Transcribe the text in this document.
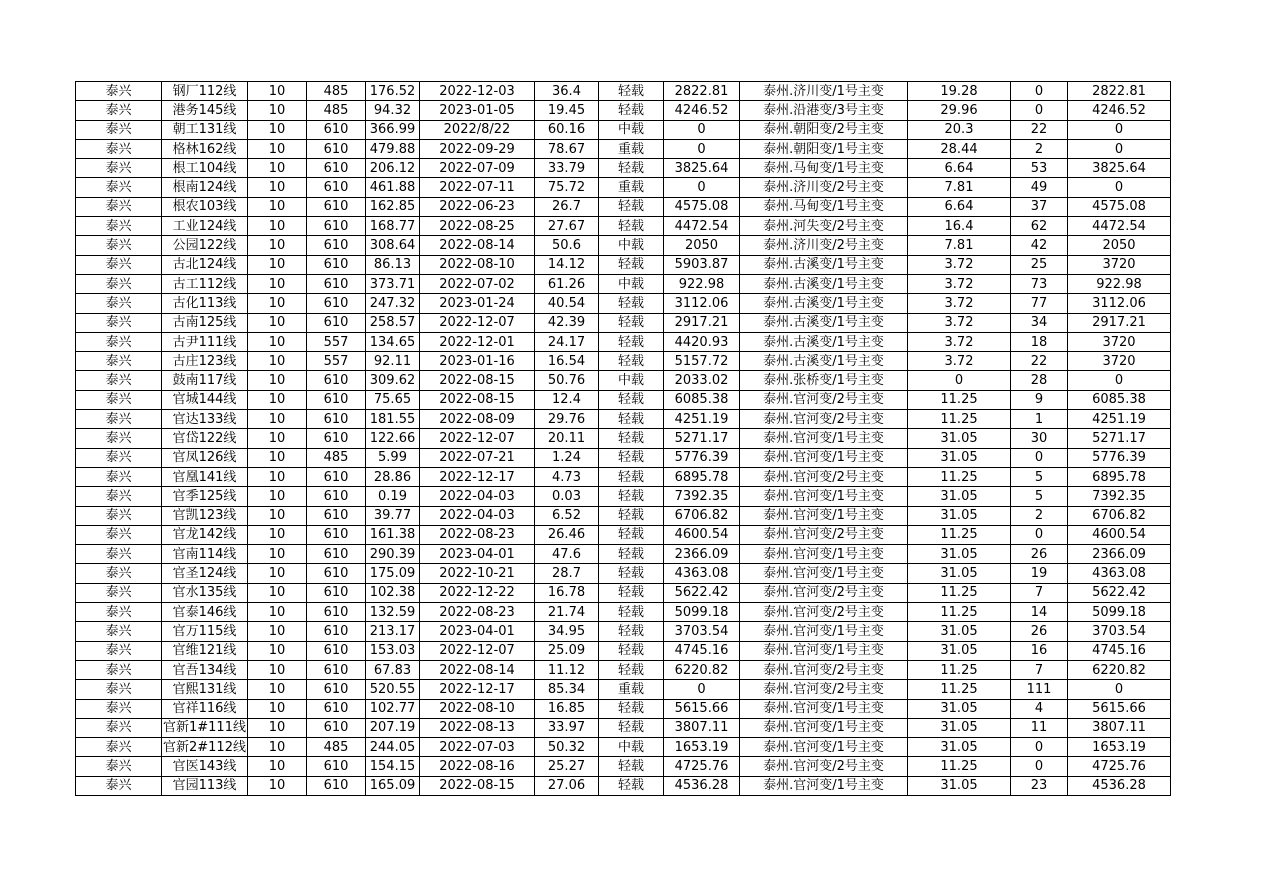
泰兴	钢厂112线	10	485	176.52	2022-12-03	36.4	轻载	2822.81	泰州.济川变/1号主变	19.28	0	2822.81
泰兴	港务145线	10	485	94.32	2023-01-05	19.45	轻载	4246.52	泰州.沿港变/3号主变	29.96	0	4246.52
泰兴	朝工131线	10	610	366.99	2022/8/22	60.16	中载	0	泰州.朝阳变/2号主变	20.3	22	0
泰兴	格林162线	10	610	479.88	2022-09-29	78.67	重载	0	泰州.朝阳变/1号主变	28.44	2	0
泰兴	根工104线	10	610	206.12	2022-07-09	33.79	轻载	3825.64	泰州.马甸变/1号主变	6.64	53	3825.64
泰兴	根南124线	10	610	461.88	2022-07-11	75.72	重载	0	泰州.济川变/2号主变	7.81	49	0
泰兴	根农103线	10	610	162.85	2022-06-23	26.7	轻载	4575.08	泰州.马甸变/1号主变	6.64	37	4575.08
泰兴	工业124线	10	610	168.77	2022-08-25	27.67	轻载	4472.54	泰州.河失变/2号主变	16.4	62	4472.54
泰兴	公园122线	10	610	308.64	2022-08-14	50.6	中载	2050	泰州.济川变/2号主变	7.81	42	2050
泰兴	古北124线	10	610	86.13	2022-08-10	14.12	轻载	5903.87	泰州.古溪变/1号主变	3.72	25	3720
泰兴	古工112线	10	610	373.71	2022-07-02	61.26	中载	922.98	泰州.古溪变/1号主变	3.72	73	922.98
泰兴	古化113线	10	610	247.32	2023-01-24	40.54	轻载	3112.06	泰州.古溪变/1号主变	3.72	77	3112.06
泰兴	古南125线	10	610	258.57	2022-12-07	42.39	轻载	2917.21	泰州.古溪变/1号主变	3.72	34	2917.21
泰兴	古尹111线	10	557	134.65	2022-12-01	24.17	轻载	4420.93	泰州.古溪变/1号主变	3.72	18	3720
泰兴	古庄123线	10	557	92.11	2023-01-16	16.54	轻载	5157.72	泰州.古溪变/1号主变	3.72	22	3720
泰兴	鼓南117线	10	610	309.62	2022-08-15	50.76	中载	2033.02	泰州.张桥变/1号主变	0	28	0
泰兴	官城144线	10	610	75.65	2022-08-15	12.4	轻载	6085.38	泰州.官河变/2号主变	11.25	9	6085.38
泰兴	官达133线	10	610	181.55	2022-08-09	29.76	轻载	4251.19	泰州.官河变/2号主变	11.25	1	4251.19
泰兴	官岱122线	10	610	122.66	2022-12-07	20.11	轻载	5271.17	泰州.官河变/1号主变	31.05	30	5271.17
泰兴	官凤126线	10	485	5.99	2022-07-21	1.24	轻载	5776.39	泰州.官河变/1号主变	31.05	0	5776.39
泰兴	官凰141线	10	610	28.86	2022-12-17	4.73	轻载	6895.78	泰州.官河变/2号主变	11.25	5	6895.78
泰兴	官季125线	10	610	0.19	2022-04-03	0.03	轻载	7392.35	泰州.官河变/1号主变	31.05	5	7392.35
泰兴	官凯123线	10	610	39.77	2022-04-03	6.52	轻载	6706.82	泰州.官河变/1号主变	31.05	2	6706.82
泰兴	官龙142线	10	610	161.38	2022-08-23	26.46	轻载	4600.54	泰州.官河变/2号主变	11.25	0	4600.54
泰兴	官南114线	10	610	290.39	2023-04-01	47.6	轻载	2366.09	泰州.官河变/1号主变	31.05	26	2366.09
泰兴	官圣124线	10	610	175.09	2022-10-21	28.7	轻载	4363.08	泰州.官河变/1号主变	31.05	19	4363.08
泰兴	官水135线	10	610	102.38	2022-12-22	16.78	轻载	5622.42	泰州.官河变/2号主变	11.25	7	5622.42
泰兴	官泰146线	10	610	132.59	2022-08-23	21.74	轻载	5099.18	泰州.官河变/2号主变	11.25	14	5099.18
泰兴	官万115线	10	610	213.17	2023-04-01	34.95	轻载	3703.54	泰州.官河变/1号主变	31.05	26	3703.54
泰兴	官维121线	10	610	153.03	2022-12-07	25.09	轻载	4745.16	泰州.官河变/1号主变	31.05	16	4745.16
泰兴	官吾134线	10	610	67.83	2022-08-14	11.12	轻载	6220.82	泰州.官河变/2号主变	11.25	7	6220.82
泰兴	官熙131线	10	610	520.55	2022-12-17	85.34	重载	0	泰州.官河变/2号主变	11.25	111	0
泰兴	官祥116线	10	610	102.77	2022-08-10	16.85	轻载	5615.66	泰州.官河变/1号主变	31.05	4	5615.66
泰兴	官新1#111线	10	610	207.19	2022-08-13	33.97	轻载	3807.11	泰州.官河变/1号主变	31.05	11	3807.11
泰兴	官新2#112线	10	485	244.05	2022-07-03	50.32	中载	1653.19	泰州.官河变/1号主变	31.05	0	1653.19
泰兴	官医143线	10	610	154.15	2022-08-16	25.27	轻载	4725.76	泰州.官河变/2号主变	11.25	0	4725.76
泰兴	官园113线	10	610	165.09	2022-08-15	27.06	轻载	4536.28	泰州.官河变/1号主变	31.05	23	4536.28
